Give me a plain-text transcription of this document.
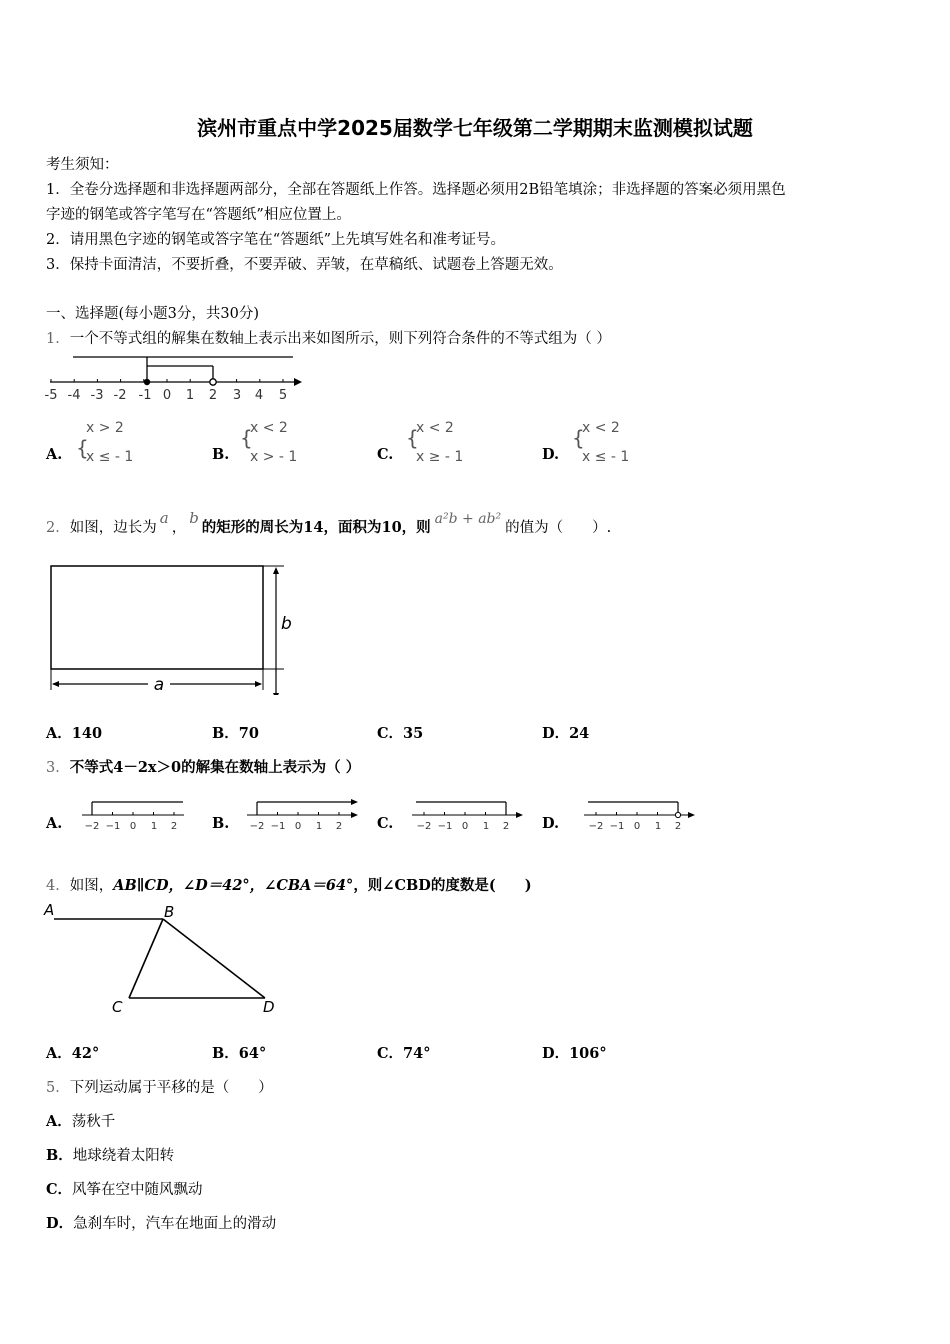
滨州市重点中学2025届数学七年级第二学期期末监测模拟试题
考生须知：
1．全卷分选择题和非选择题两部分，全部在答题纸上作答。选择题必须用2B铅笔填涂；非选择题的答案必须用黑色
字迹的钢笔或答字笔写在“答题纸”相应位置上。
2．请用黑色字迹的钢笔或答字笔在“答题纸”上先填写姓名和准考证号。
3．保持卡面清洁，不要折叠，不要弄破、弄皱，在草稿纸、试题卷上答题无效。
一、选择题(每小题3分，共30分)
1．一个不等式组的解集在数轴上表示出来如图所示，则下列符合条件的不等式组为（ ）
-5 -4 -3 -2 -1 0 1 2 3 4 5
A. {
x > 2
x ≤ - 1	B.
{
x < 2
x > - 1	C.
{
x < 2
x ≥ - 1	D.
{
x < 2
x ≤ - 1
2．如图，边长为a，b的矩形的周长为14，面积为10，则 a²b + ab²的值为（　　）.
a
b
A．140	B．70	C．35	D．24
3．不等式4－2x＞0的解集在数轴上表示为（ ）
A. −2 −1 0 1 2 B. −2 −1 0 1 2 C. −2 −1 0 1 2 D.	−2 −1 0 1 2
4．如图，AB∥CD，∠D＝42°，∠CBA＝64°，则∠CBD的度数是(　　)
A	B
C	D
A．42°	B．64°	C．74°	D．106°
5．下列运动属于平移的是（　　）
A．荡秋千
B．地球绕着太阳转
C．风筝在空中随风飘动
D．急刹车时，汽车在地面上的滑动
